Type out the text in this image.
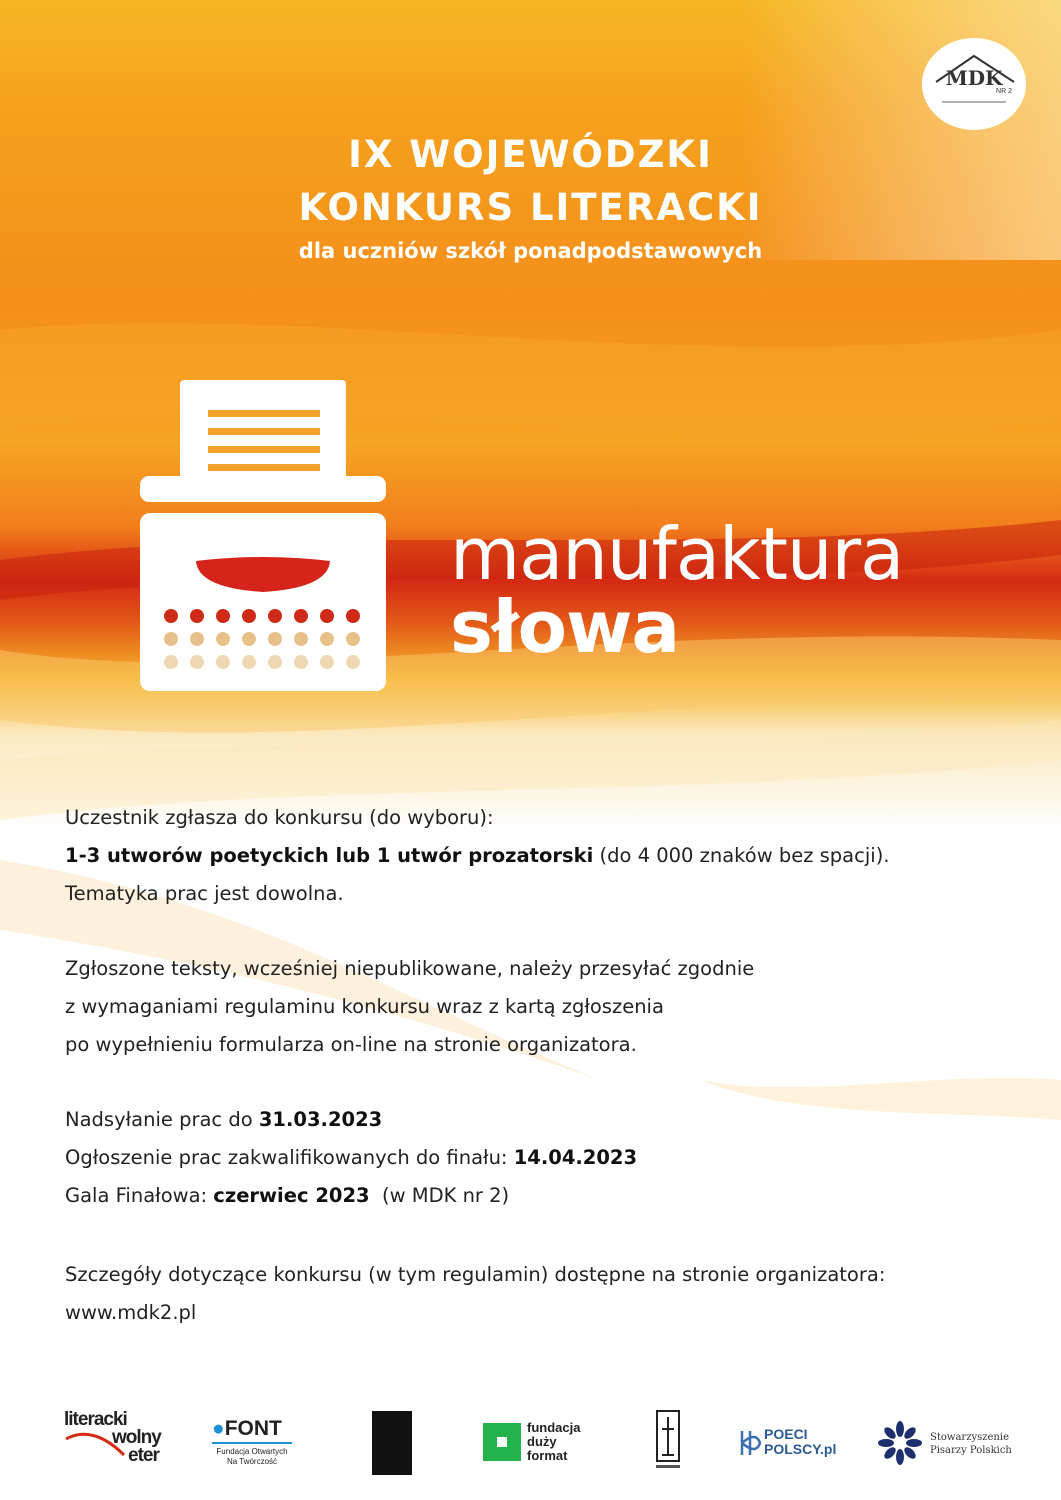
MDK
NR 2
IX WOJEWÓDZKI
KONKURS LITERACKI
dla uczniów szkół ponadpodstawowych
manufaktura
słowa
Uczestnik zgłasza do konkursu (do wyboru):
1-3 utworów poetyckich lub 1 utwór prozatorski (do 4 000 znaków bez spacji).
Tematyka prac jest dowolna.
Zgłoszone teksty, wcześniej niepublikowane, należy przesyłać zgodnie
z wymaganiami regulaminu konkursu wraz z kartą zgłoszenia
po wypełnieniu formularza on-line na stronie organizatora.
Nadsyłanie prac do 31.03.2023
Ogłoszenie prac zakwalifikowanych do finału: 14.04.2023
Gala Finałowa: czerwiec 2023  (w MDK nr 2)
Szczegóły dotyczące konkursu (w tym regulamin) dostępne na stronie organizatora:
www.mdk2.pl
literacki
wolny
eter
●FONT
Fundacja Otwartych
Na Twórczość
fundacja
duży
format
POECI
POLSCY.pl
Stowarzyszenie
Pisarzy Polskich
